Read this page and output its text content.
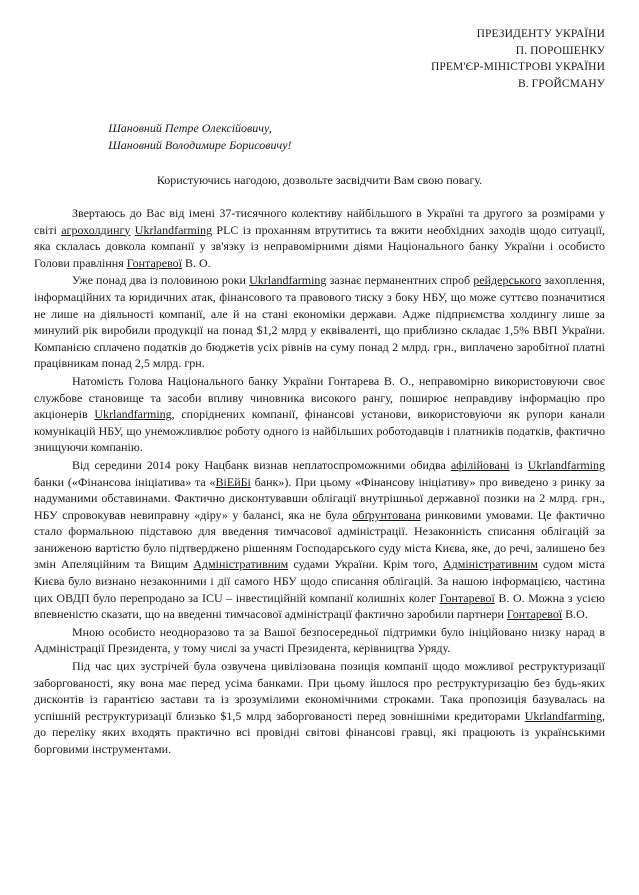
ПРЕЗИДЕНТУ УКРАЇНИ
П. ПОРОШЕНКУ
ПРЕМ'ЄР-МІНІСТРОВІ УКРАЇНИ
В. ГРОЙСМАНУ
Шановний Петре Олексійовичу,
Шановний Володимире Борисовичу!
Користуючись нагодою, дозвольте засвідчити Вам свою повагу.

Звертаюсь до Вас від імені 37-тисячного колективу найбільшого в Україні та другого за розмірами у світі агрохолдингу Ukrlandfarming PLC із проханням втрутитись та вжити необхідних заходів щодо ситуації, яка склалась довкола компанії у зв'язку із неправомірними діями Національного банку України і особисто Голови правління Гонтаревої В. О.

Уже понад два із половиною роки Ukrlandfarming зазнає перманентних спроб рейдерського захоплення, інформаційних та юридичних атак, фінансового та правового тиску з боку НБУ, що може суттєво позначитися не лише на діяльності компанії, але й на стані економіки держави. Адже підприємства холдингу лише за минулий рік виробили продукції на понад $1,2 млрд у еквіваленті, що приблизно складає 1,5% ВВП України. Компанією сплачено податків до бюджетів усіх рівнів на суму понад 2 млрд. грн., виплачено заробітної платні працівникам понад 2,5 млрд. грн.

Натомість Голова Національного банку України Гонтарева В. О., неправомірно використовуючи своє службове становище та засоби впливу чиновника високого рангу, поширює неправдиву інформацію про акціонерів Ukrlandfarming, споріднених компанії, фінансові установи, використовуючи як рупори канали комунікацій НБУ, що унеможливлює роботу одного із найбільших роботодавців і платників податків, фактично знищуючи компанію.

Від середини 2014 року Нацбанк визнав неплатоспроможними обидва афілійовані із Ukrlandfarming банки («Фінансова ініціатива» та «ВіЕйБі банк»). При цьому «Фінансову ініціативу» про виведено з ринку за надуманими обставинами. Фактично дисконтувавши облігації внутрішньої державної позики на 2 млрд. грн., НБУ спровокував невиправну «діру» у балансі, яка не була обґрунтована ринковими умовами. Це фактично стало формальною підставою для введення тимчасової адміністрації. Незаконність списання облігацій за заниженою вартістю було підтверджено рішенням Господарського суду міста Києва, яке, до речі, залишено без змін Апеляційним та Вищим Адміністративним судами України. Крім того, Адміністративним судом міста Києва було визнано незаконними і дії самого НБУ щодо списання облігацій. За нашою інформацією, частина цих ОВДП було перепродано за ICU – інвестиційній компанії колишніх колег Гонтаревої В. О. Можна з усією впевненістю сказати, що на введенні тимчасової адміністрації фактично заробили партнери Гонтаревої В.О.

Мною особисто неодноразово та за Вашої безпосередньої підтримки було ініційовано низку нарад в Адміністрації Президента, у тому числі за участі Президента, керівництва Уряду.

Під час цих зустрічей була озвучена цивілізована позиція компанії щодо можливої реструктуризації заборгованості, яку вона має перед усіма банками. При цьому йшлося про реструктуризацію без будь-яких дисконтів із гарантією застави та із зрозумілими економічними строками. Така пропозиція базувалась на успішній реструктуризації близько $1,5 млрд заборгованості перед зовнішніми кредиторами Ukrlandfarming, до переліку яких входять практично всі провідні світові фінансові гравці, які працюють із українськими борговими інструментами.
